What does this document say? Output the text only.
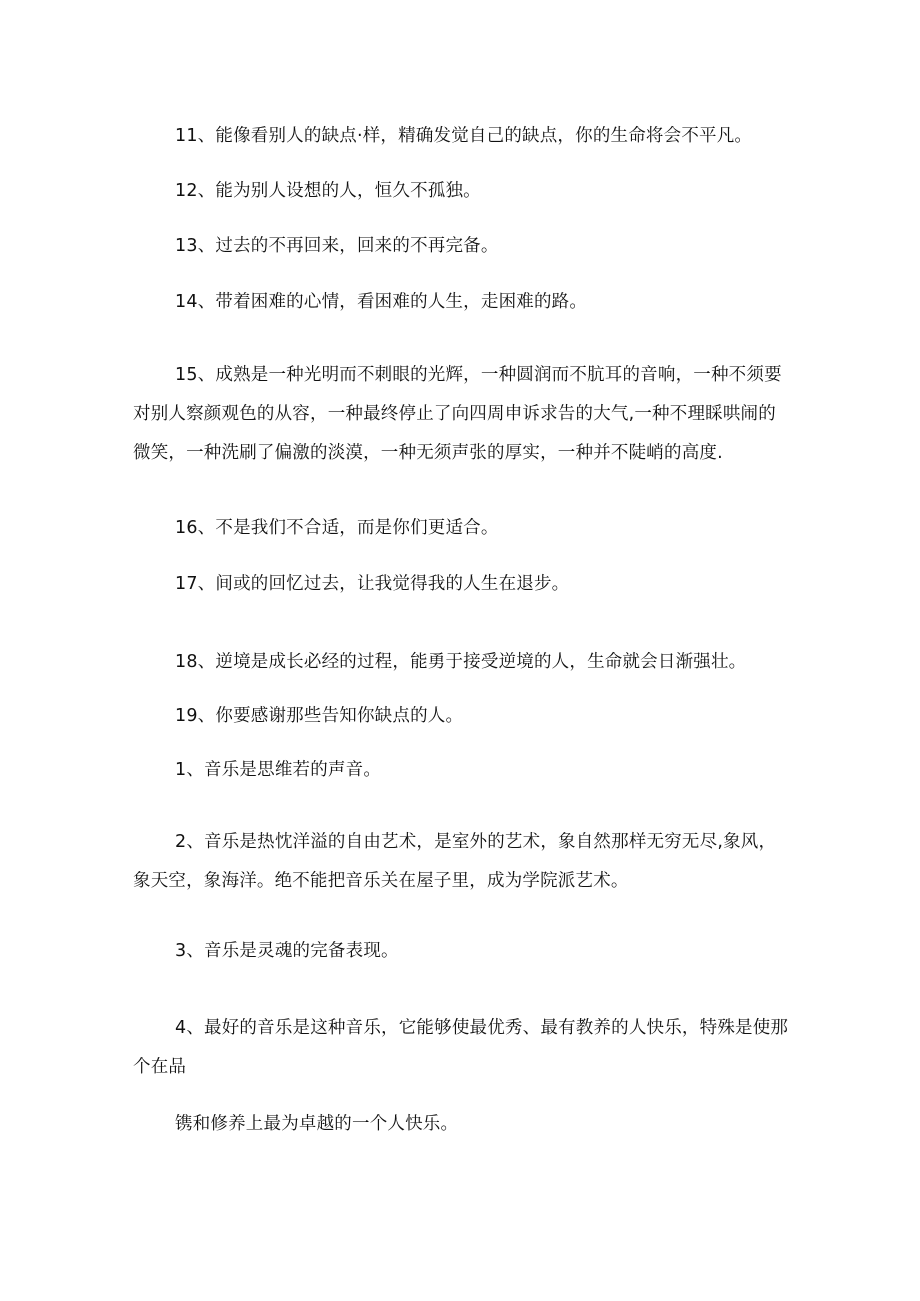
11、能像看别人的缺点·样，精确发觉自己的缺点，你的生命将会不平凡。

12、能为别人设想的人，恒久不孤独。

13、过去的不再回来，回来的不再完备。

14、带着困难的心情，看困难的人生，走困难的路。

15、成熟是一种光明而不刺眼的光辉，一种圆润而不肮耳的音响，一种不须要对别人察颜观色的从容，一种最终停止了向四周申诉求告的大气,一种不理睬哄闹的微笑，一种洗刷了偏激的淡漠，一种无须声张的厚实，一种并不陡峭的高度.

16、不是我们不合适，而是你们更适合。

17、间或的回忆过去，让我觉得我的人生在退步。

18、逆境是成长必经的过程，能勇于接受逆境的人，生命就会日渐强壮。

19、你要感谢那些告知你缺点的人。

1、音乐是思维若的声音。

2、音乐是热忱洋溢的自由艺术，是室外的艺术，象自然那样无穷无尽,象风，象天空，象海洋。绝不能把音乐关在屋子里，成为学院派艺术。

3、音乐是灵魂的完备表现。

4、最好的音乐是这种音乐，它能够使最优秀、最有教养的人快乐，特殊是使那个在品

镌和修养上最为卓越的一个人快乐。
